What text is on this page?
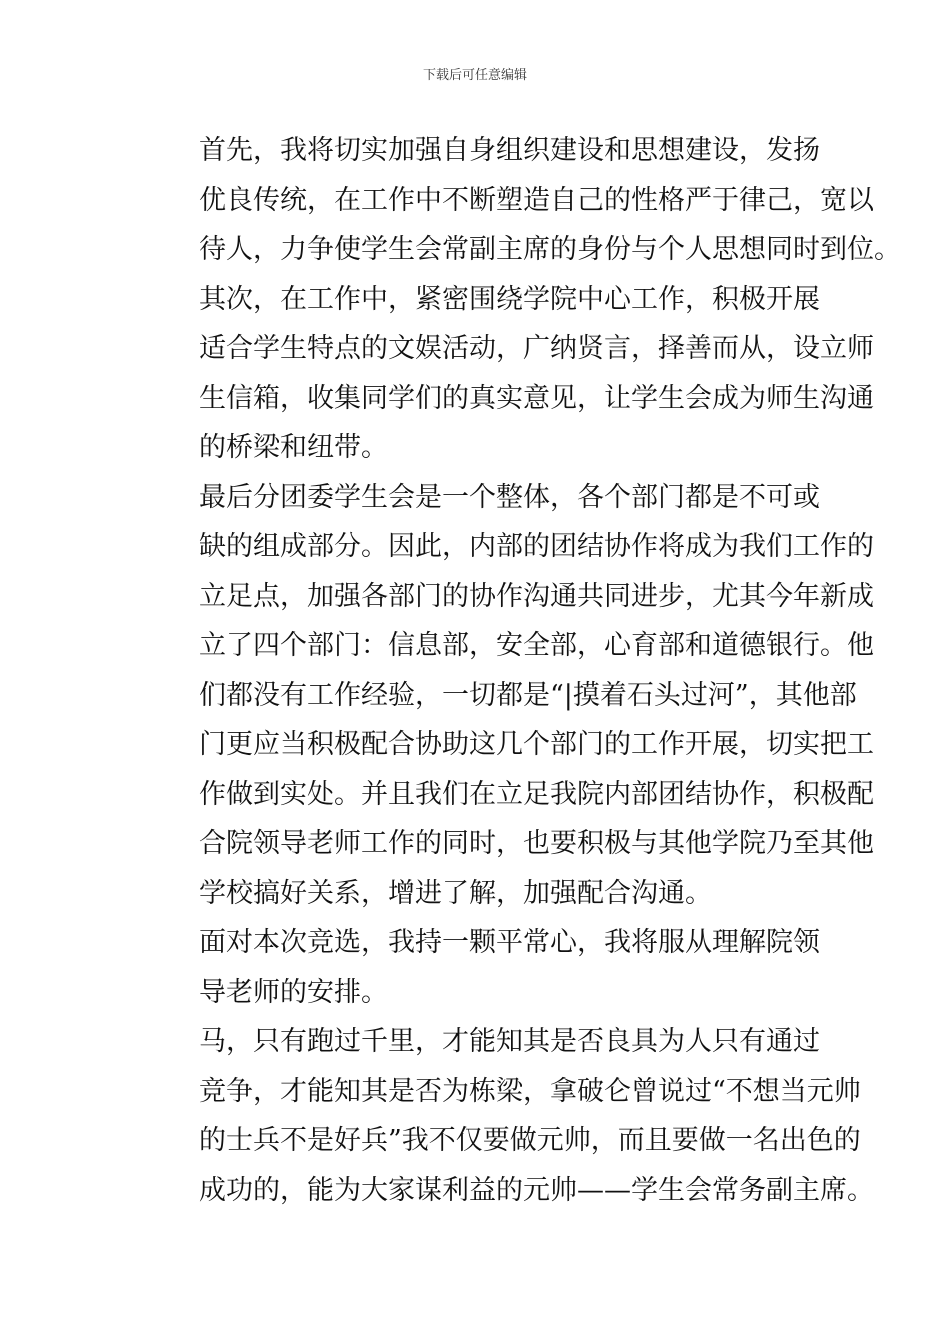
下载后可任意编辑

首先，我将切实加强自身组织建设和思想建设，发扬
优良传统，在工作中不断塑造自己的性格严于律己，宽以
待人，力争使学生会常副主席的身份与个人思想同时到位。

其次，在工作中，紧密围绕学院中心工作，积极开展
适合学生特点的文娱活动，广纳贤言，择善而从，设立师
生信箱，收集同学们的真实意见，让学生会成为师生沟通
的桥梁和纽带。

最后分团委学生会是一个整体，各个部门都是不可或
缺的组成部分。因此，内部的团结协作将成为我们工作的
立足点，加强各部门的协作沟通共同进步，尤其今年新成
立了四个部门：信息部，安全部，心育部和道德银行。他
们都没有工作经验，一切都是“|摸着石头过河”，其他部
门更应当积极配合协助这几个部门的工作开展，切实把工
作做到实处。并且我们在立足我院内部团结协作，积极配
合院领导老师工作的同时，也要积极与其他学院乃至其他
学校搞好关系，增进了解，加强配合沟通。

面对本次竞选，我持一颗平常心，我将服从理解院领
导老师的安排。

马，只有跑过千里，才能知其是否良具为人只有通过
竞争，才能知其是否为栋梁，拿破仑曾说过“不想当元帅
的士兵不是好兵”我不仅要做元帅，而且要做一名出色的
成功的，能为大家谋利益的元帅——学生会常务副主席。
